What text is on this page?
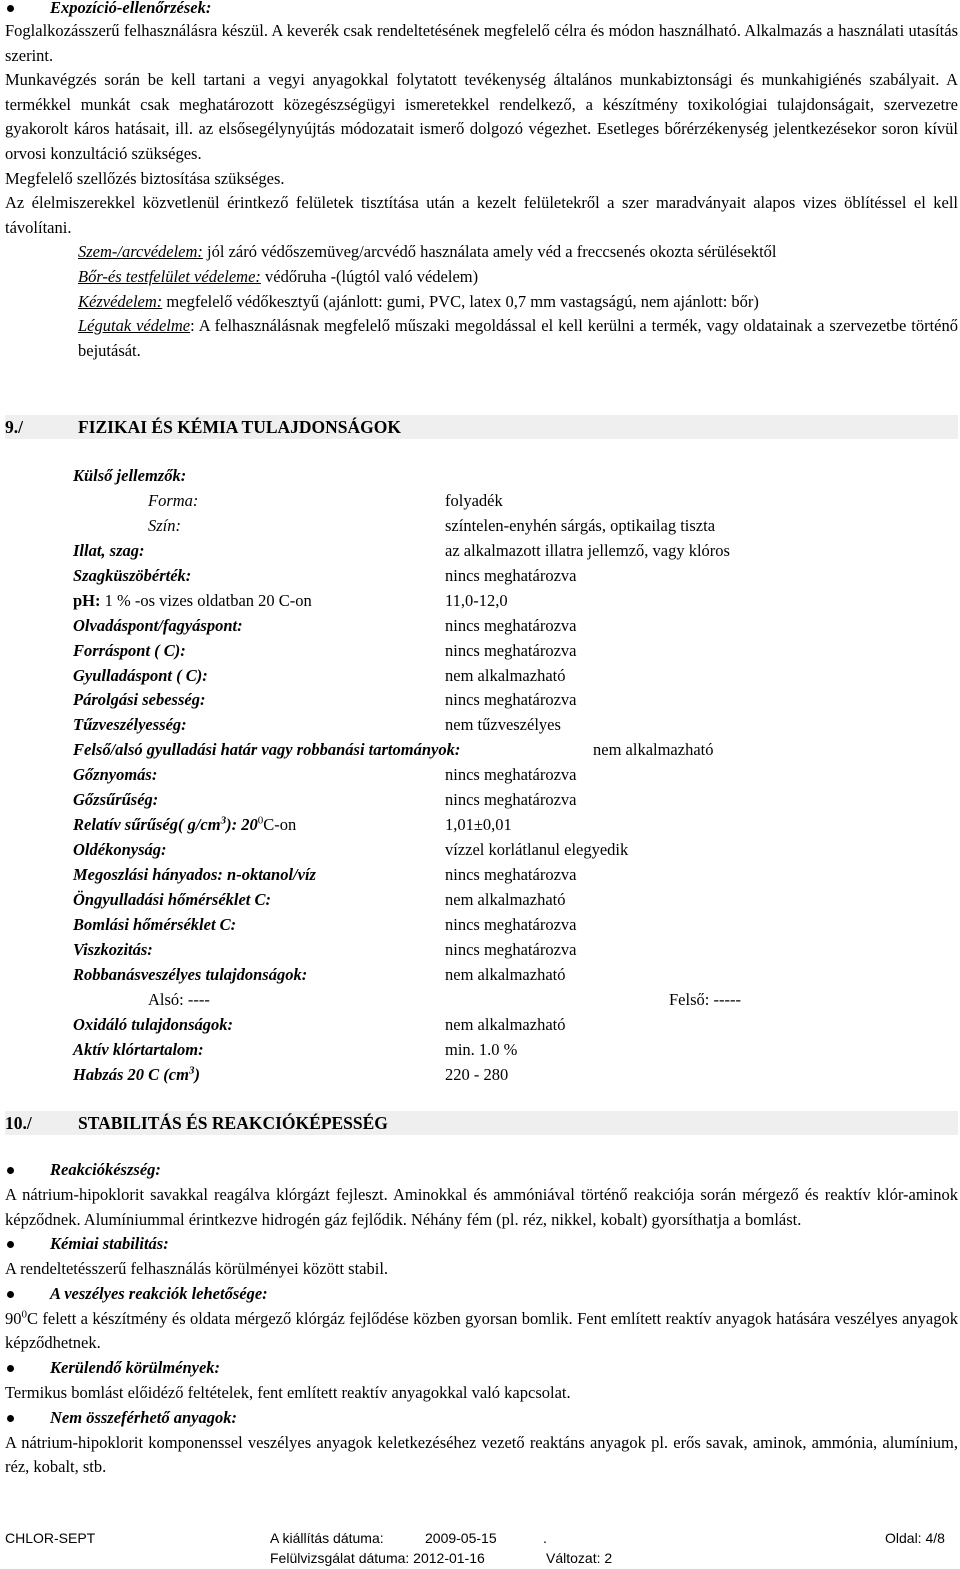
Expozíció-ellenőrzések:

Foglalkozásszerű felhasználásra készül. A keverék csak rendeltetésének megfelelő célra és módon használható. Alkalmazás a használati utasítás szerint.

Munkavégzés során be kell tartani a vegyi anyagokkal folytatott tevékenység általános munkabiztonsági és munkahigiénés szabályait. A termékkel munkát csak meghatározott közegészségügyi ismeretekkel rendelkező, a készítmény toxikológiai tulajdonságait, szervezetre gyakorolt káros hatásait, ill. az elsősegélynyújtás módozatait ismerő dolgozó végezhet. Esetleges bőrérzékenység jelentkezésekor soron kívül orvosi konzultáció szükséges.

Megfelelő szellőzés biztosítása szükséges.

Az élelmiszerekkel közvetlenül érintkező felületek tisztítása után a kezelt felületekről a szer maradványait alapos vizes öblítéssel el kell távolítani.

Szem-/arcvédelem: jól záró védőszemüveg/arcvédő használata amely véd a freccsenés okozta sérülésektől

Bőr-és testfelület védeleme: védőruha -(lúgtól való védelem)

Kézvédelem: megfelelő védőkesztyű (ajánlott: gumi, PVC, latex 0,7 mm vastagságú, nem ajánlott: bőr)

Légutak védelme: A felhasználásnak megfelelő műszaki megoldással el kell kerülni a termék, vagy oldatainak a szervezetbe történő bejutását.

9./	FIZIKAI ÉS KÉMIA TULAJDONSÁGOK
Külső jellemzők:
Forma:	folyadék
Szín:	színtelen-enyhén sárgás, optikailag tiszta
Illat, szag:	az alkalmazott illatra jellemző, vagy klóros
Szagküszöbérték:	nincs meghatározva
pH: 1 % -os vizes oldatban 20 C-on	11,0-12,0
Olvadáspont/fagyáspont:	nincs meghatározva
Forráspont ( C):	nincs meghatározva
Gyulladáspont ( C):	nem alkalmazható
Párolgási sebesség:	nincs meghatározva
Tűzveszélyesség:	nem tűzveszélyes
Felső/alsó gyulladási határ vagy robbanási tartományok:	nem alkalmazható
Gőznyomás:	nincs meghatározva
Gőzsűrűség:	nincs meghatározva
Relatív sűrűség( $g/cm^3$): $20^0C-on$	1,01±0,01
Oldékonyság:	vízzel korlátlanul elegyedik
Megoszlási hányados: n-oktanol/víz	nincs meghatározva
Öngyulladási hőmérséklet C:	nem alkalmazható
Bomlási hőmérséklet C:	nincs meghatározva
Viszkozitás:	nincs meghatározva
Robbanásveszélyes tulajdonságok:	nem alkalmazható
Alsó: ----	Felső: -----
Oxidáló tulajdonságok:	nem alkalmazható
Aktív klórtartalom:	min. 1.0 %
Habzás 20 C $(cm^3)$	220 - 280
10./	STABILITÁS ÉS REAKCIÓKÉPESSÉG
Reakciókészség:

A nátrium-hipoklorit savakkal reagálva klórgázt fejleszt. Aminokkal és ammóniával történő reakciója során mérgező és reaktív klór-aminok képződnek. Alumíniummal érintkezve hidrogén gáz fejlődik. Néhány fém (pl. réz, nikkel, kobalt) gyorsíthatja a bomlást.

Kémiai stabilitás:

A rendeltetésszerű felhasználás körülményei között stabil.

A veszélyes reakciók lehetősége:

$90^0C$ felett a készítmény és oldata mérgező klórgáz fejlődése közben gyorsan bomlik. Fent említett reaktív anyagok hatására veszélyes anyagok képződhetnek.

Kerülendő körülmények:

Termikus bomlást előidéző feltételek, fent említett reaktív anyagokkal való kapcsolat.

Nem összeférhető anyagok:

A nátrium-hipoklorit komponenssel veszélyes anyagok keletkezéséhez vezető reaktáns anyagok pl. erős savak, aminok, ammónia, alumínium, réz, kobalt, stb.

CHLOR-SEPT	A kiállítás dátuma:	2009-05-15	.	Oldal: 4/8
Felülvizsgálat dátuma: 2012-01-16	Változat: 2
